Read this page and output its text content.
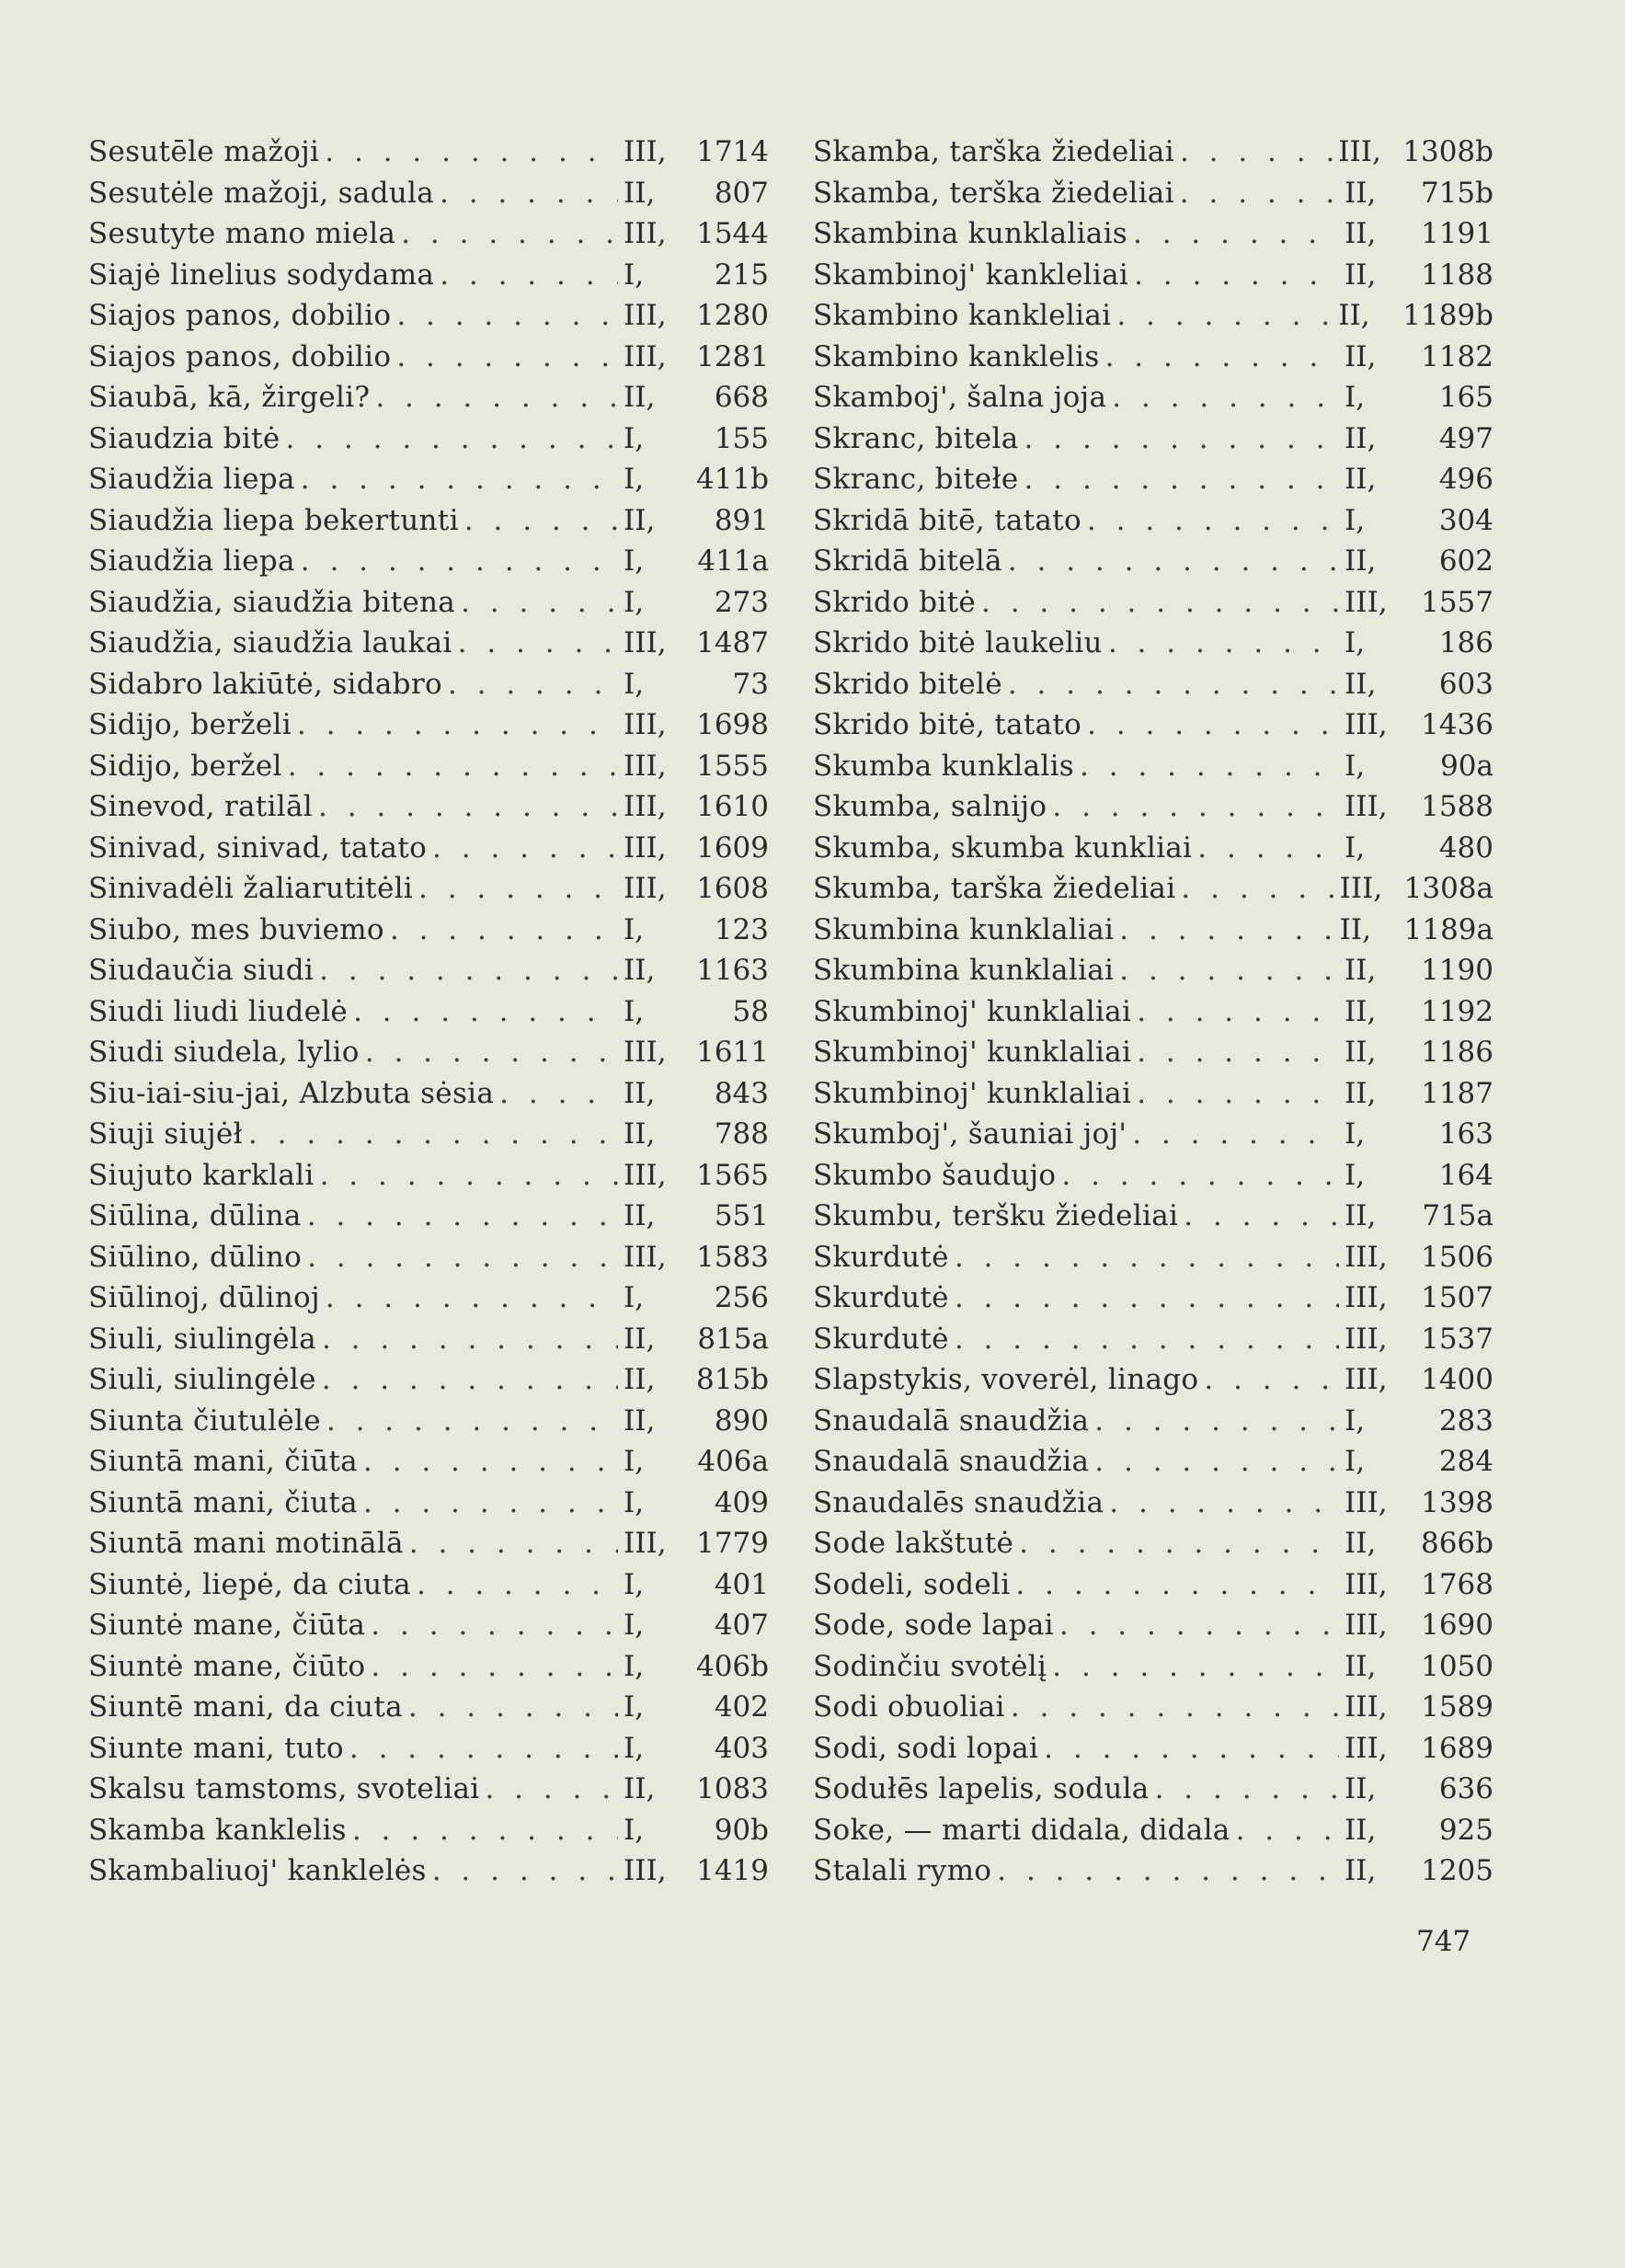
Sesutēle mažoji . . .	III,	1714
Sesutėle mažoji, sadula . . .	II,	807
Sesutyte mano miela . . .	III,	1544
Siajė linelius sodydama . . .	I,	215
Siajos panos, dobilio . . .	III,	1280
Siajos panos, dobilio . . .	III,	1281
Siaubā, kā, žirgeli? . . .	II,	668
Siaudzia bitė . . .	I,	155
Siaudžia liepa . . .	I,	411b
Siaudžia liepa bekertunti . . .	II,	891
Siaudžia liepa . . .	I,	411a
Siaudžia, siaudžia bitena . . .	I,	273
Siaudžia, siaudžia laukai . . .	III,	1487
Sidabro lakiūtė, sidabro . . .	I,	73
Sidijo, berželi . . .	III,	1698
Sidijo, beržel . . .	III,	1555
Sinevod, ratilāl . . .	III,	1610
Sinivad, sinivad, tatato . . .	III,	1609
Sinivadėli žaliarutitėli . . .	III,	1608
Siubo, mes buviemo . . .	I,	123
Siudaučia siudi . . .	II,	1163
Siudi liudi liudelė . . .	I,	58
Siudi siudela, lylio . . .	III,	1611
Siu-iai-siu-jai, Alzbuta sėsia . . .	II,	843
Siuji siujėł . . .	II,	788
Siujuto karklali . . .	III,	1565
Siūlina, dūlina . . .	II,	551
Siūlino, dūlino . . .	III,	1583
Siūlinoj, dūlinoj . . .	I,	256
Siuli, siulingėla . . .	II,	815a
Siuli, siulingėle . . .	II,	815b
Siunta čiutulėle . . .	II,	890
Siuntā mani, čiūta . . .	I,	406a
Siuntā mani, čiuta . . .	I,	409
Siuntā mani motinālā . . .	III,	1779
Siuntė, liepė, da ciuta . . .	I,	401
Siuntė mane, čiūta . . .	I,	407
Siuntė mane, čiūto . . .	I,	406b
Siuntē mani, da ciuta . . .	I,	402
Siunte mani, tuto . . .	I,	403
Skalsu tamstoms, svoteliai . . .	II,	1083
Skamba kanklelis . . .	I,	90b
Skambaliuoj' kanklelės . . .	III,	1419
Skamba, tarška žiedeliai . . .	III, 1308b
Skamba, terška žiedeliai . . .	II,	715b
Skambina kunklaliais . . .	II,	1191
Skambinoj' kankleliai . . .	II,	1188
Skambino kankleliai . . .	II,	1189b
Skambino kanklelis . . .	II,	1182
Skamboj', šalna joja . . .	I,	165
Skranc, bitela . . .	II,	497
Skranc, bitełe . . .	II,	496
Skridā bitē, tatato . . .	I,	304
Skridā bitelā . . .	II,	602
Skrido bitė . . .	III,	1557
Skrido bitė laukeliu . . .	I,	186
Skrido bitelė . . .	II,	603
Skrido bitė, tatato . . .	III,	1436
Skumba kunklalis . . .	I,	90a
Skumba, salnijo . . .	III,	1588
Skumba, skumba kunkliai . . .	I,	480
Skumba, tarška žiedeliai . . .	III, 1308a
Skumbina kunklaliai . . .	II,	1189a
Skumbina kunklaliai . . .	II,	1190
Skumbinoj' kunklaliai . . .	II,	1192
Skumbinoj' kunklaliai . . .	II,	1186
Skumbinoj' kunklaliai . . .	II,	1187
Skumboj', šauniai joj' . . .	I,	163
Skumbo šaudujo . . .	I,	164
Skumbu, teršku žiedeliai . . .	II,	715a
Skurdutė . . .	III,	1506
Skurdutė . . .	III,	1507
Skurdutė . . .	III,	1537
Slapstykis, voverėl, linago . . .	III,	1400
Snaudalā snaudžia . . .	I,	283
Snaudalā snaudžia . . .	I,	284
Snaudalēs snaudžia . . .	III,	1398
Sode lakštutė . . .	II,	866b
Sodeli, sodeli . . .	III,	1768
Sode, sode lapai . . .	III,	1690
Sodinčiu svotėlį . . .	II,	1050
Sodi obuoliai . . .	III,	1589
Sodi, sodi lopai . . .	III,	1689
Sodułēs lapelis, sodula . . .	II,	636
Soke, — marti didala, didala . . .	II,	925
Stalali rymo . . .	II,	1205
747
